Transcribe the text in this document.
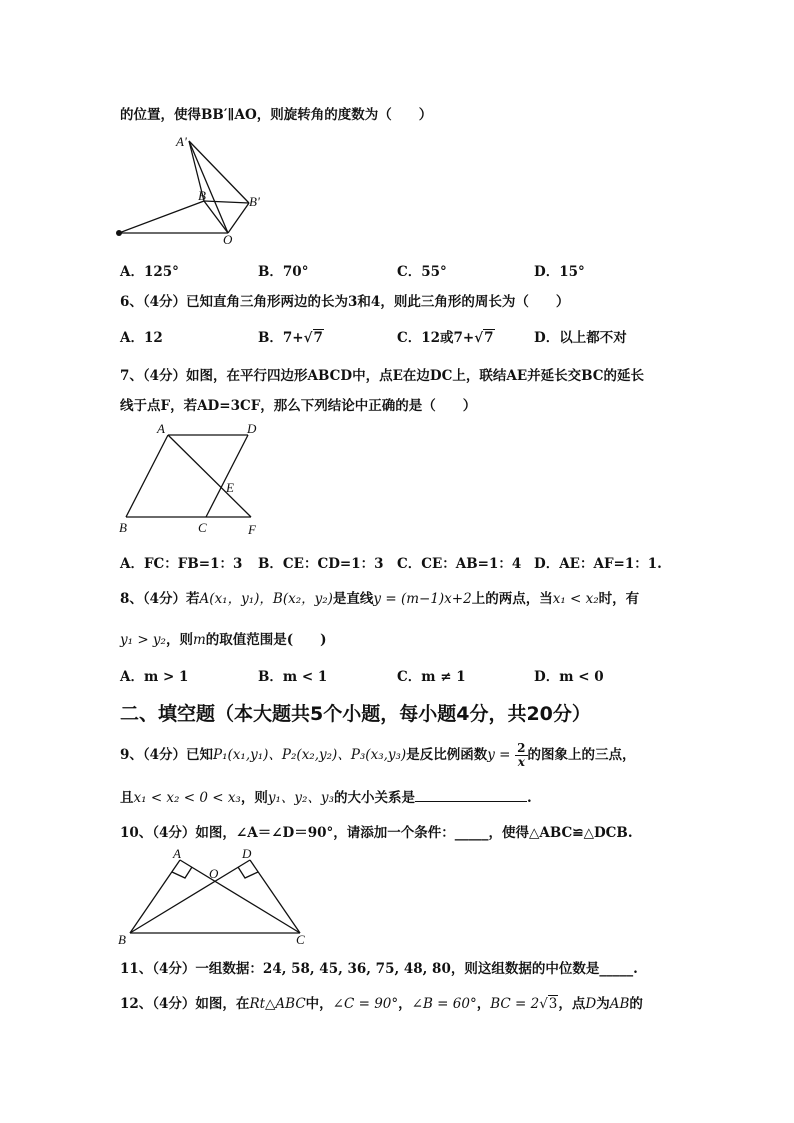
的位置，使得BB′∥AO，则旋转角的度数为（　　）
A'
B	B'
O
A．125°	B．70°	C．55°	D．15°
6、（4分）已知直角三角形两边的长为3和4，则此三角形的周长为（　　）
A．12	B．7+√7	C．12或7+√7	D．以上都不对
7、（4分）如图，在平行四边形ABCD中，点E在边DC上，联结AE并延长交BC的延长
线于点F，若AD=3CF，那么下列结论中正确的是（　　）
A	D
E
B	C	F
A．FC：FB=1：3 B．CE：CD=1：3 C．CE：AB=1：4 D．AE：AF=1：1.
8、（4分）若A(x₁，y₁)，B(x₂，y₂)是直线y = (m−1)x+2上的两点，当x₁ < x₂时，有
y₁ > y₂，则m的取值范围是(　　)
A．m > 1	B．m < 1	C．m ≠ 1	D．m < 0
二、填空题（本大题共5个小题，每小题4分，共20分）
9、（4分）已知P₁(x₁,y₁)、P₂(x₂,y₂)、P₃(x₃,y₃)是反比例函数$y = \frac{2}{x}$ 的图象上的三点，
且x₁ < x₂ < 0 < x₃，则y₁、y₂、y₃的大小关系是	.
10、（4分）如图，∠A＝∠D＝90°，请添加一个条件：_____，使得△ABC≌△DCB.
A	D
O
B	C
11、（4分）一组数据：24, 58, 45, 36, 75, 48, 80，则这组数据的中位数是_____.
12、（4分）如图，在Rt△ABC中，∠C = 90°，∠B = 60°，BC = 2√3，点D为AB的
